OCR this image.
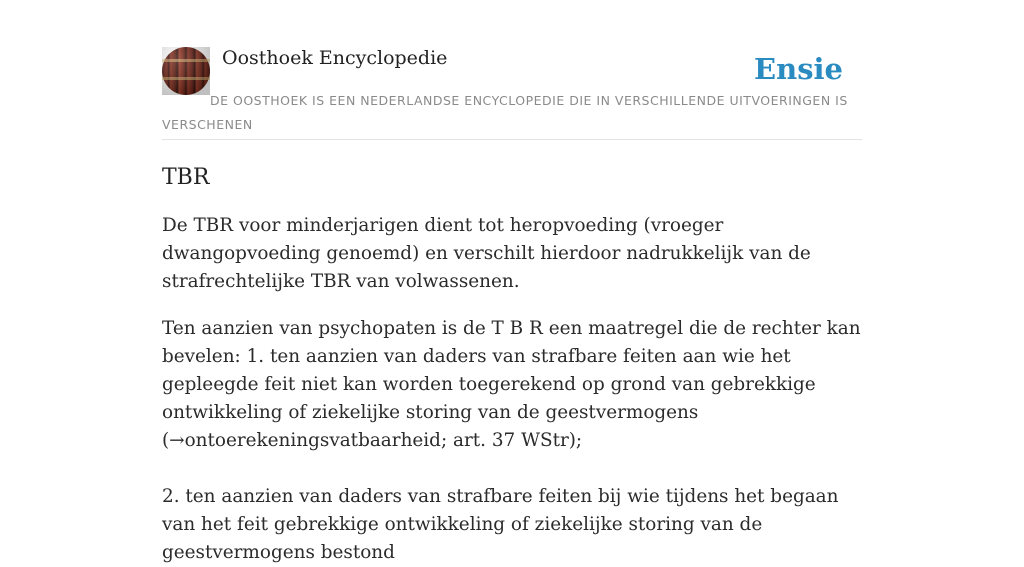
Oosthoek Encyclopedie	Ensie
DE OOSTHOEK IS EEN NEDERLANDSE ENCYCLOPEDIE DIE IN VERSCHILLENDE UITVOERINGEN IS VERSCHENEN
TBR

De TBR voor minderjarigen dient tot heropvoeding (vroeger dwangopvoeding genoemd) en verschilt hierdoor nadrukkelijk van de strafrechtelijke TBR van volwassenen.

Ten aanzien van psychopaten is de T B R een maatregel die de rechter kan bevelen: 1. ten aanzien van daders van strafbare feiten aan wie het gepleegde feit niet kan worden toegerekend op grond van gebrekkige ontwikkeling of ziekelijke storing van de geestvermogens (→ontoerekeningsvatbaarheid; art. 37 WStr);

2. ten aanzien van daders van strafbare feiten bij wie tijdens het begaan van het feit gebrekkige ontwikkeling of ziekelijke storing van de geestvermogens bestond
